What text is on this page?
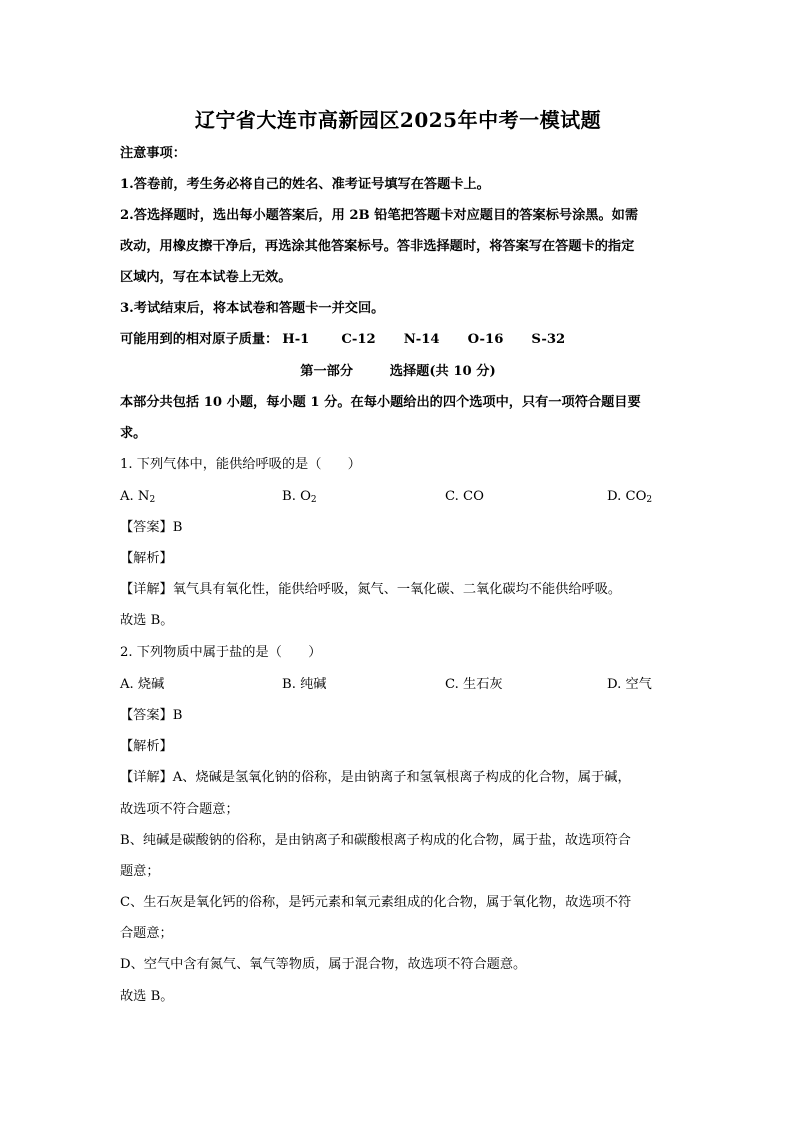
辽宁省大连市高新园区2025年中考一模试题
注意事项：
1.答卷前，考生务必将自己的姓名、准考证号填写在答题卡上。
2.答选择题时，选出每小题答案后，用 2B 铅笔把答题卡对应题目的答案标号涂黑。如需
改动，用橡皮擦干净后，再选涂其他答案标号。答非选择题时，将答案写在答题卡的指定
区域内，写在本试卷上无效。
3.考试结束后，将本试卷和答题卡一并交回。
可能用到的相对原子质量： H-1 C-12 N-14 O-16 S-32
第一部分        选择题(共 10 分)
本部分共包括 10 小题，每小题 1 分。在每小题给出的四个选项中，只有一项符合题目要
求。
1. 下列气体中，能供给呼吸的是（　　）
A. $N_2$	B. $O_2$	C. CO	D. $CO_2$
【答案】B
【解析】
【详解】氧气具有氧化性，能供给呼吸，氮气、一氧化碳、二氧化碳均不能供给呼吸。
故选 B。
2. 下列物质中属于盐的是（　　）
A. 烧碱	B. 纯碱	C. 生石灰	D. 空气
【答案】B
【解析】
【详解】A、烧碱是氢氧化钠的俗称，是由钠离子和氢氧根离子构成的化合物，属于碱，
故选项不符合题意；
B、纯碱是碳酸钠的俗称，是由钠离子和碳酸根离子构成的化合物，属于盐，故选项符合
题意；
C、生石灰是氧化钙的俗称，是钙元素和氧元素组成的化合物，属于氧化物，故选项不符
合题意；
D、空气中含有氮气、氧气等物质，属于混合物，故选项不符合题意。
故选 B。
